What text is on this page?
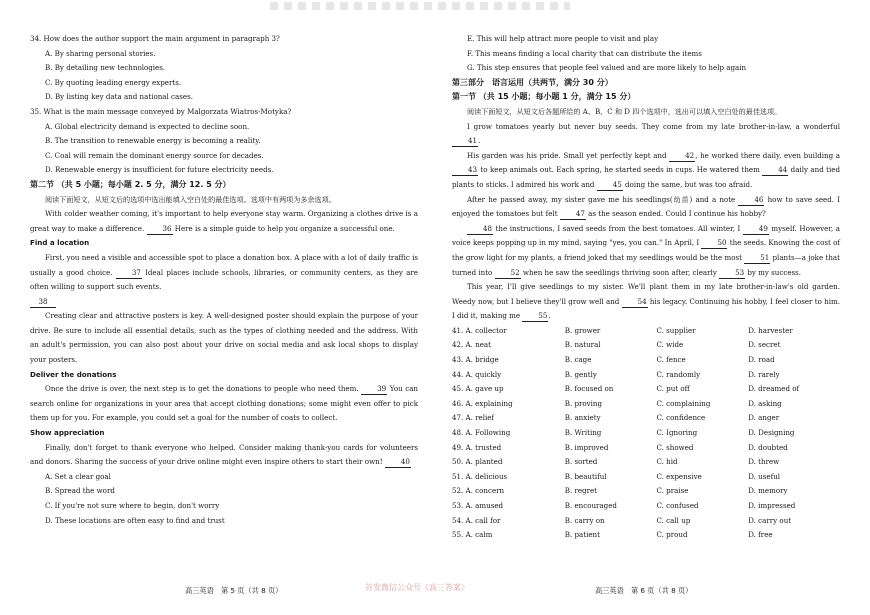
34. How does the author support the main argument in paragraph 3?
A. By sharing personal stories.
B. By detailing new technologies.
C. By quoting leading energy experts.
D. By listing key data and national cases.
35. What is the main message conveyed by Malgorzata Wiatros-Motyka?
A. Global electricity demand is expected to decline soon.
B. The transition to renewable energy is becoming a reality.
C. Coal will remain the dominant energy source for decades.
D. Renewable energy is insufficient for future electricity needs.
第二节 （共 5 小题；每小题 2. 5 分，满分 12. 5 分）
阅读下面短文，从短文后的选项中选出能填入空白处的最佳选项。选项中有两项为多余选项。
With colder weather coming, it's important to help everyone stay warm. Organizing a clothes drive is a great way to make a difference.	36 Here is a simple guide to help you organize a successful one.
Find a location
First, you need a visible and accessible spot to place a donation box. A place with a lot of daily traffic is usually a good choice.	37 Ideal places include schools, libraries, or community centers, as they are often willing to support such events.
38
Creating clear and attractive posters is key. A well-designed poster should explain the purpose of your drive. Be sure to include all essential details, such as the types of clothing needed and the address. With an adult's permission, you can also post about your drive on social media and ask local shops to display your posters.
Deliver the donations
Once the drive is over, the next step is to get the donations to people who need them.	39 You can search online for organizations in your area that accept clothing donations; some might even offer to pick them up for you. For example, you could set a goal for the number of coats to collect.
Show appreciation
Finally, don't forget to thank everyone who helped. Consider making thank-you cards for volunteers and donors. Sharing the success of your drive online might even inspire others to start their own!	40
A. Set a clear goal
B. Spread the word
C. If you're not sure where to begin, don't worry
D. These locations are often easy to find and trust
E. This will help attract more people to visit and play
F. This means finding a local charity that can distribute the items
G. This step ensures that people feel valued and are more likely to help again
第三部分　语言运用（共两节，满分 30 分）
第一节 （共 15 小题；每小题 1 分，满分 15 分）
阅读下面短文，从短文后各题所给的 A、B、C 和 D 四个选项中，选出可以填入空白处的最佳选项。
I grow tomatoes yearly but never buy seeds. They come from my late brother-in-law, a wonderful 41.
His garden was his pride. Small yet perfectly kept and	42, he worked there daily, even building a 43 to keep animals out. Each spring, he started seeds in cups. He watered them	44 daily and tied plants to sticks. I admired his work and	45 doing the same, but was too afraid.
After he passed away, my sister gave me his seedlings(幼苗) and a note	46 how to save seed. I enjoyed the tomatoes but felt	47 as the season ended. Could I continue his hobby?
48 the instructions, I saved seeds from the best tomatoes. All winter, I	49 myself. However, a voice keeps popping up in my mind, saying "yes, you can." In April, I	50 the seeds. Knowing the cost of the grow light for my plants, a friend joked that my seedlings would be the most	51 plants—a joke that turned into	52 when he saw the seedlings thriving soon after, clearly	53 by my success.
This year, I'll give seedlings to my sister. We'll plant them in my late brother-in-law's old garden. Weedy now, but I believe they'll grow well and	54 his legacy. Continuing his hobby, I feel closer to him. I did it, making me	55.
41. A. collector	B. grower	C. supplier	D. harvester
42. A. neat	B. natural	C. wide	D. secret
43. A. bridge	B. cage	C. fence	D. road
44. A. quickly	B. gently	C. randomly	D. rarely
45. A. gave up	B. focused on	C. put off	D. dreamed of
46. A. explaining	B. proving	C. complaining	D. asking
47. A. relief	B. anxiety	C. confidence	D. anger
48. A. Following	B. Writing	C. Ignoring	D. Designing
49. A. trusted	B. improved	C. showed	D. doubted
50. A. planted	B. sorted	C. hid	D. threw
51. A. delicious	B. beautiful	C. expensive	D. useful
52. A. concern	B. regret	C. praise	D. memory
53. A. amused	B. encouraged	C. confused	D. impressed
54. A. call for	B. carry on	C. call up	D. carry out
55. A. calm	B. patient	C. proud	D. free
高三英语　第 5 页（共 8 页）	高三英语　第 6 页（共 8 页）
首发微信公众号《高三答案》
